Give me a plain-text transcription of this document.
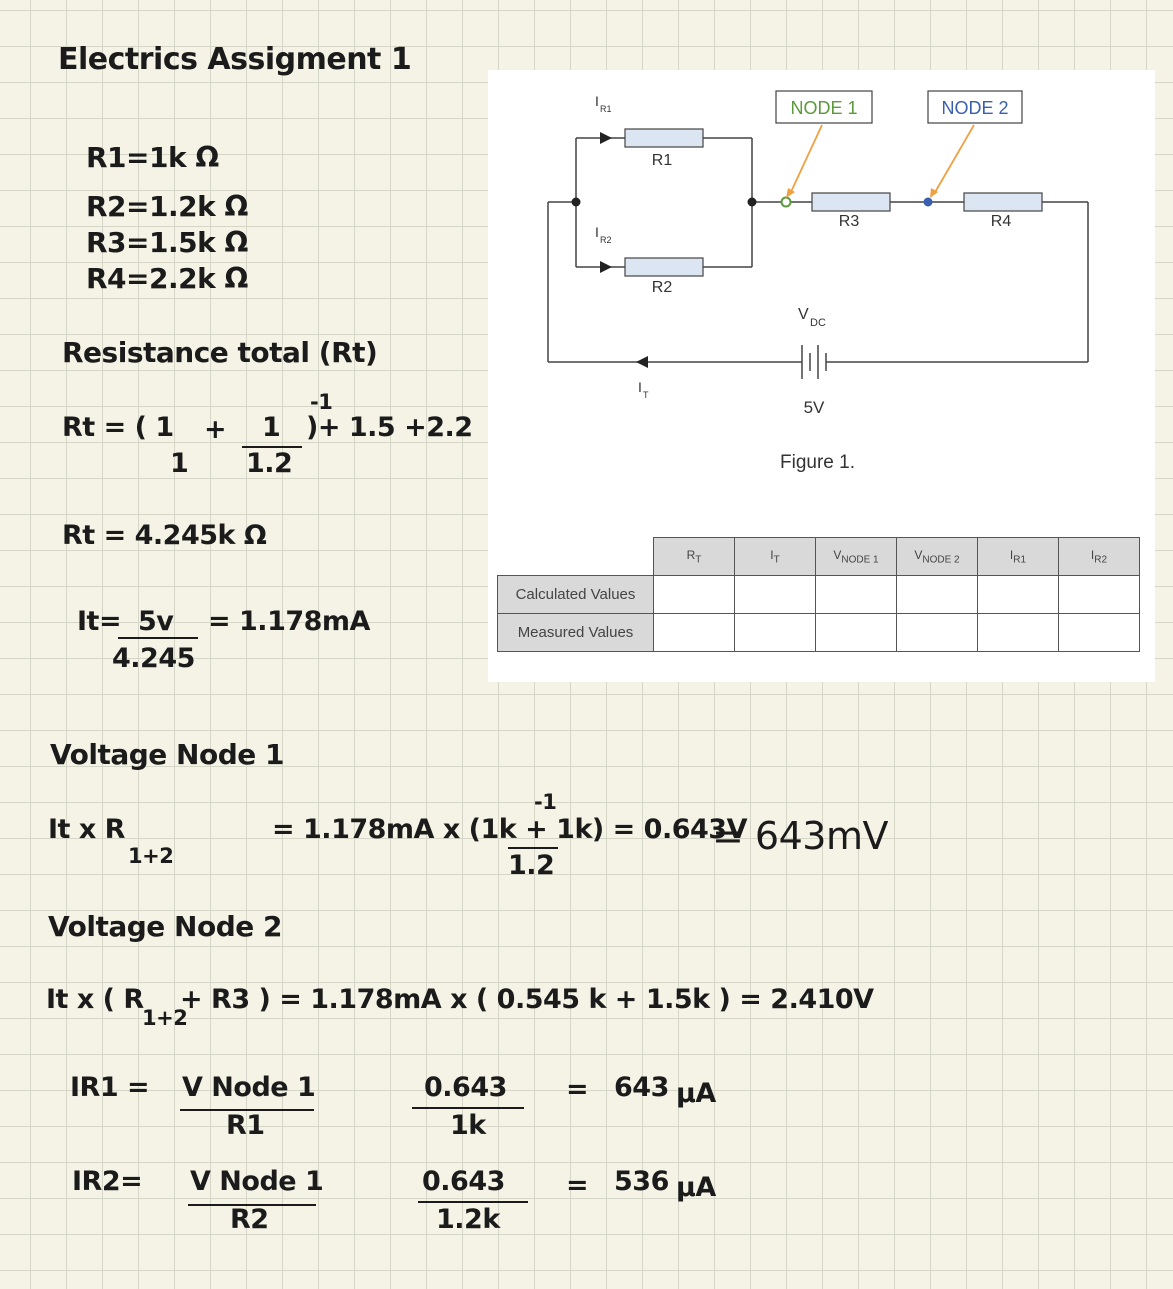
Electrics Assigment 1
R1=1k Ω
R2=1.2k Ω
R3=1.5k Ω
R4=2.2k Ω
Resistance total (Rt)
Rt = ( 1 + 1
1 1.2
-1
)+ 1.5 +2.2
Rt = 4.245k Ω
It= 5v = 1.178mA
4.245
Voltage Node 1
It x R
1+2
-1
= 1.178mA x (1k + 1k) = 0.643V
1.2
= 643mV
Voltage Node 2
It x ( R
1+2
+ R3 ) = 1.178mA x ( 0.545 k + 1.5k ) = 2.410V
IR1 = V Node 1
R1
0.643
1k
= 643 μA
IR2= V Node 1
R2
0.643
1.2k
= 536 μA
NODE 1	NODE 2
R1
R2
R3	R4
I R1
I R2
I T
V DC
5V
Figure 1.
	$R_T$	$I_T$	$V_{NODE 1}$	$V_{NODE 2}$	$I_{R1}$	$I_{R2}$
Calculated Values						
Measured Values						
